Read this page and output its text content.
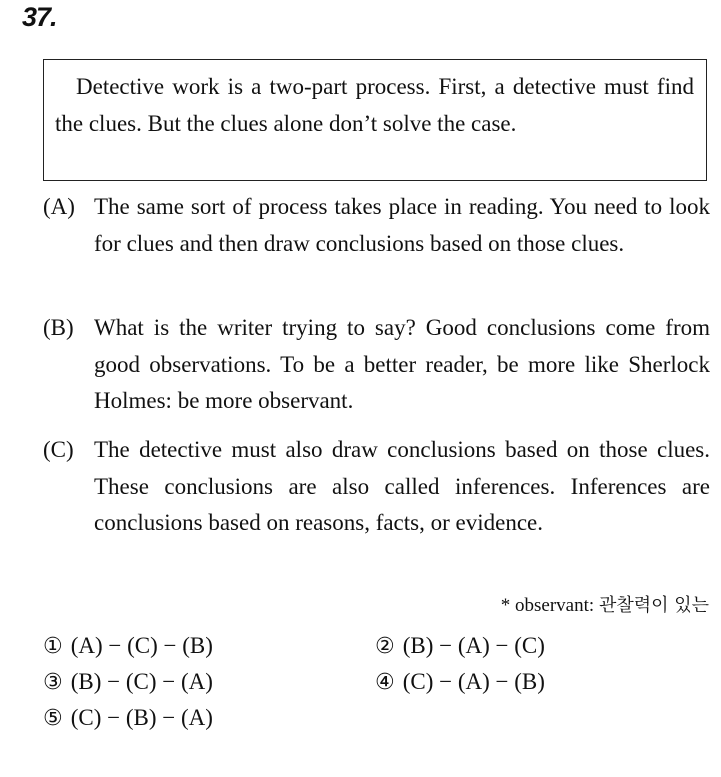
37.
Detective work is a two-part process. First, a detective must find the clues. But the clues alone don’t solve the case.
(A) The same sort of process takes place in reading. You need to look for clues and then draw conclusions based on those clues.
(B) What is the writer trying to say? Good conclusions come from good observations. To be a better reader, be more like Sherlock Holmes: be more observant.
(C) The detective must also draw conclusions based on those clues. These conclusions are also called inferences. Inferences are conclusions based on reasons, facts, or evidence.
* observant: 관찰력이 있는
① (A) − (C) − (B)	② (B) − (A) − (C)
③ (B) − (C) − (A)	④ (C) − (A) − (B)
⑤ (C) − (B) − (A)
